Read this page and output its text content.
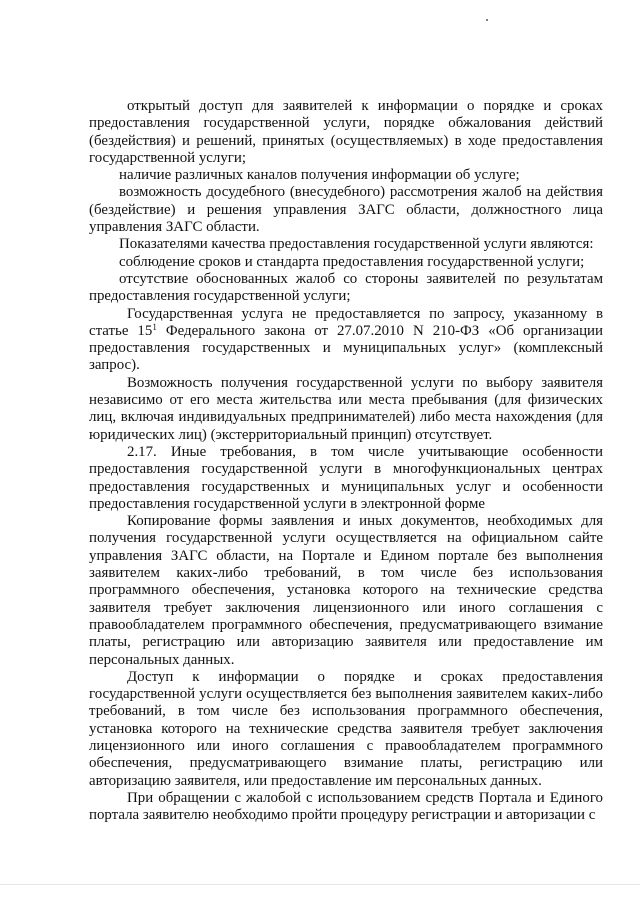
открытый доступ для заявителей к информации о порядке и сроках предоставления государственной услуги, порядке обжалования действий (бездействия) и решений, принятых (осуществляемых) в ходе предоставления государственной услуги;

наличие различных каналов получения информации об услуге;

возможность досудебного (внесудебного) рассмотрения жалоб на действия (бездействие) и решения управления ЗАГС области, должностного лица управления ЗАГС области.

Показателями качества предоставления государственной услуги являются:

соблюдение сроков и стандарта предоставления государственной услуги;

отсутствие обоснованных жалоб со стороны заявителей по результатам предоставления государственной услуги;

Государственная услуга не предоставляется по запросу, указанному в статье $15^1$ Федерального закона от 27.07.2010 N 210-ФЗ «Об организации предоставления государственных и муниципальных услуг» (комплексный запрос).

Возможность получения государственной услуги по выбору заявителя независимо от его места жительства или места пребывания (для физических лиц, включая индивидуальных предпринимателей) либо места нахождения (для юридических лиц) (экстерриториальный принцип) отсутствует.

2.17. Иные требования, в том числе учитывающие особенности предоставления государственной услуги в многофункциональных центрах предоставления государственных и муниципальных услуг и особенности предоставления государственной услуги в электронной форме

Копирование формы заявления и иных документов, необходимых для получения государственной услуги осуществляется на официальном сайте управления ЗАГС области, на Портале и Едином портале без выполнения заявителем каких-либо требований, в том числе без использования программного обеспечения, установка которого на технические средства заявителя требует заключения лицензионного или иного соглашения с правообладателем программного обеспечения, предусматривающего взимание платы, регистрацию или авторизацию заявителя или предоставление им персональных данных.

Доступ к информации о порядке и сроках предоставления государственной услуги осуществляется без выполнения заявителем каких-либо требований, в том числе без использования программного обеспечения, установка которого на технические средства заявителя требует заключения лицензионного или иного соглашения с правообладателем программного обеспечения, предусматривающего взимание платы, регистрацию или авторизацию заявителя, или предоставление им персональных данных.

При обращении с жалобой с использованием средств Портала и Единого портала заявителю необходимо пройти процедуру регистрации и авторизации с
